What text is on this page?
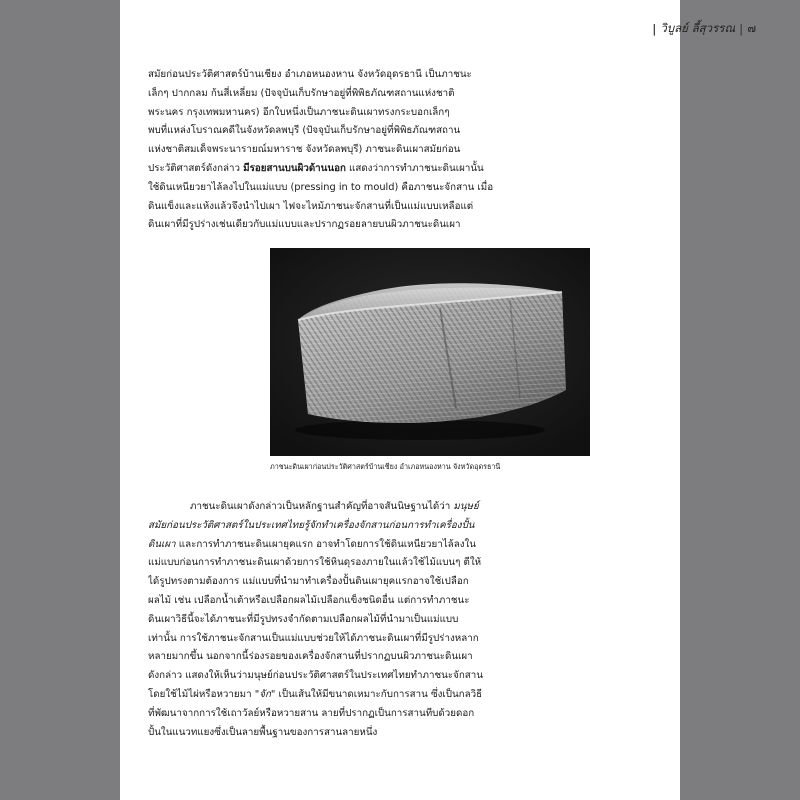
| วิบูลย์ ลี้สุวรรณ | ๗

สมัยก่อนประวัติศาสตร์บ้านเชียง อำเภอหนองหาน จังหวัดอุดรธานี เป็นภาชนะ
เล็กๆ ปากกลม ก้นสี่เหลี่ยม (ปัจจุบันเก็บรักษาอยู่ที่พิพิธภัณฑสถานแห่งชาติ
พระนคร กรุงเทพมหานคร) อีกใบหนึ่งเป็นภาชนะดินเผาทรงกระบอกเล็กๆ
พบที่แหล่งโบราณคดีในจังหวัดลพบุรี (ปัจจุบันเก็บรักษาอยู่ที่พิพิธภัณฑสถาน
แห่งชาติสมเด็จพระนารายณ์มหาราช จังหวัดลพบุรี) ภาชนะดินเผาสมัยก่อน
ประวัติศาสตร์ดังกล่าว มีรอยสานบนผิวด้านนอก แสดงว่าการทำภาชนะดินเผานั้น
ใช้ดินเหนียวยาไล้ลงไปในแม่แบบ (pressing in to mould) คือภาชนะจักสาน เมื่อ
ดินแข็งและแห้งแล้วจึงนำไปเผา ไฟจะไหม้ภาชนะจักสานที่เป็นแม่แบบเหลือแต่
ดินเผาที่มีรูปร่างเช่นเดียวกับแม่แบบและปรากฏรอยลายบนผิวภาชนะดินเผา

ภาชนะดินเผาก่อนประวัติศาสตร์บ้านเชียง อำเภอหนองหาน จังหวัดอุดรธานี

ภาชนะดินเผาดังกล่าวเป็นหลักฐานสำคัญที่อาจสันนิษฐานได้ว่า มนุษย์
สมัยก่อนประวัติศาสตร์ในประเทศไทยรู้จักทำเครื่องจักสานก่อนการทำเครื่องปั้น
ดินเผา และการทำภาชนะดินเผายุคแรก อาจทำโดยการใช้ดินเหนียวยาไล้ลงใน
แม่แบบก่อนการทำภาชนะดินเผาด้วยการใช้หินดุรองภายในแล้วใช้ไม้แบนๆ ตีให้
ได้รูปทรงตามต้องการ แม่แบบที่นำมาทำเครื่องปั้นดินเผายุคแรกอาจใช้เปลือก
ผลไม้ เช่น เปลือกน้ำเต้าหรือเปลือกผลไม้เปลือกแข็งชนิดอื่น แต่การทำภาชนะ
ดินเผาวิธีนี้จะได้ภาชนะที่มีรูปทรงจำกัดตามเปลือกผลไม้ที่นำมาเป็นแม่แบบ
เท่านั้น การใช้ภาชนะจักสานเป็นแม่แบบช่วยให้ได้ภาชนะดินเผาที่มีรูปร่างหลาก
หลายมากขึ้น นอกจากนี้ร่องรอยของเครื่องจักสานที่ปรากฏบนผิวภาชนะดินเผา
ดังกล่าว แสดงให้เห็นว่ามนุษย์ก่อนประวัติศาสตร์ในประเทศไทยทำภาชนะจักสาน
โดยใช้ไม้ไผ่หรือหวายมา "จัก" เป็นเส้นให้มีขนาดเหมาะกับการสาน ซึ่งเป็นกลวิธี
ที่พัฒนาจากการใช้เถาวัลย์หรือหวายสาน ลายที่ปรากฏเป็นการสานทีบด้วยดอก
ปั้นในแนวทแยงซึ่งเป็นลายพื้นฐานของการสานลายหนึ่ง
